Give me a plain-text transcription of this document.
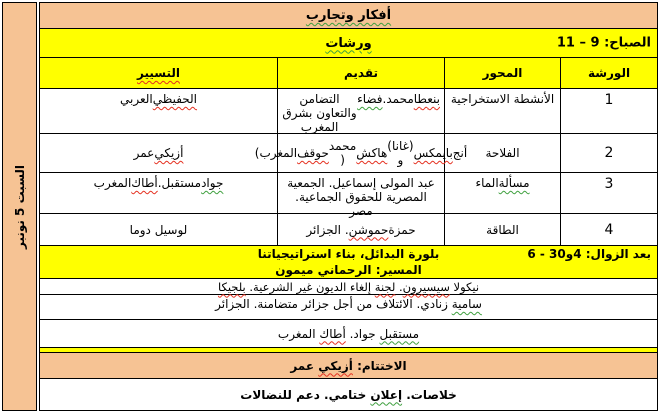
السبت 5 نونبر
أفكار وتجارب
ورشات	الصباح: 9 – 11
الورشة
المحور
تقديم
التسيير
1
الأنشطة الاستخراجية
بنعطا
محمد.
فضاء
التضامن والتعاون بشرق المغرب
الحفيظي
العربي
2
الفلاحة
أنج
بايمكس
(غانا) و
هاكش
محمد (
حوقف
المغرب)
أزيكي
عمر
3
مسألة
الماء
عبد المولى إسماعيل. الجمعية المصرية للحقوق الجماعية. مصر
جواد
مستقبل.
أطاك
المغرب
4
الطاقة
حمزة
حموشن
. الجزائر
لوسيل دوما
بلورة البدائل، بناء استراتيجياتنا	بعد الزوال: 4و30 - 6
المسير: الرحماني ميمون
نيكولا سيسيرون. لجنة إلغاء الديون غير الشرعية. بلجيكا
سامية زنادي. الائتلاف من أجل جزائر متضامنة. الجزائر
مستقبل جواد. أطاك المغرب
الاختتام: أزيكي عمر
خلاصات. إعلان ختامي. دعم للنضالات
